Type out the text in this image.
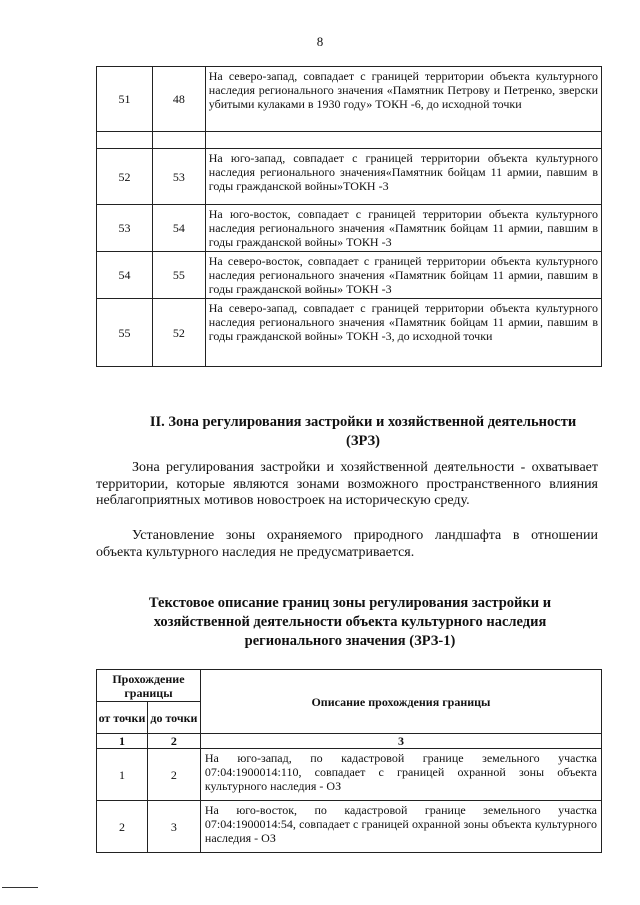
8
51	48	На северо-запад, совпадает с границей территории объекта культурного наследия регионального значения «Памятник Петрову и Петренко, зверски убитыми кулаками в 1930 году» ТОКН -6, до исходной точки

52	53	На юго-запад, совпадает с границей территории объекта культурного наследия регионального значения«Памятник бойцам 11 армии, павшим в годы гражданской войны»ТОКН -3
53	54	На юго-восток, совпадает с границей территории объекта культурного наследия регионального значения «Памятник бойцам 11 армии, павшим в годы гражданской войны» ТОКН -3
54	55	На северо-восток, совпадает с границей территории объекта культурного наследия регионального значения «Памятник бойцам 11 армии, павшим в годы гражданской войны» ТОКН -3
55	52	На северо-запад, совпадает с границей территории объекта культурного наследия регионального значения «Памятник бойцам 11 армии, павшим в годы гражданской войны» ТОКН -3, до исходной точки
II. Зона регулирования застройки и хозяйственной деятельности (ЗРЗ)
Зона регулирования застройки и хозяйственной деятельности - охватывает территории, которые являются зонами возможного пространственного влияния неблагоприятных мотивов новостроек на историческую среду.
Установление зоны охраняемого природного ландшафта в отношении объекта культурного наследия не предусматривается.
Текстовое описание границ зоны регулирования застройки и хозяйственной деятельности объекта культурного наследия регионального значения (ЗРЗ-1)
Прохождение границы		Описание прохождения границы
от точки	до точки	
1	2	3
1	2	На юго-запад, по кадастровой границе земельного участка 07:04:1900014:110, совпадает с границей охранной зоны объекта культурного наследия - ОЗ
2	3	На юго-восток, по кадастровой границе земельного участка 07:04:1900014:54, совпадает с границей охранной зоны объекта культурного наследия - ОЗ
